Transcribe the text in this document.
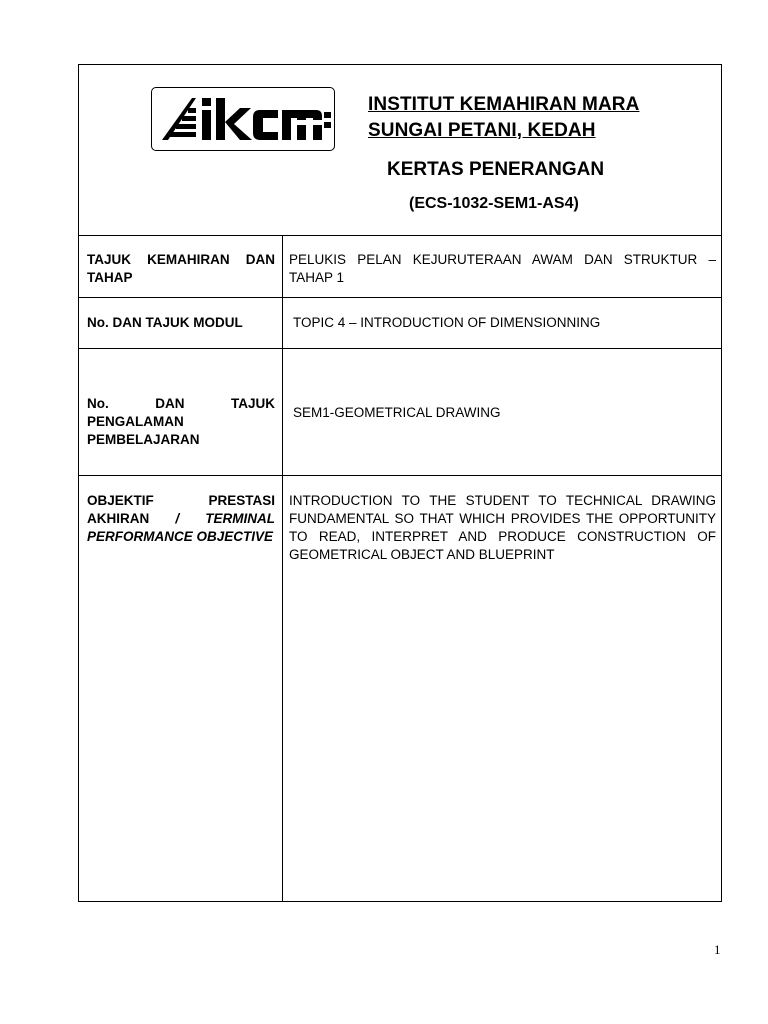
INSTITUT KEMAHIRAN MARA
SUNGAI PETANI, KEDAH
KERTAS PENERANGAN
(ECS-1032-SEM1-AS4)
TAJUK KEMAHIRAN DAN TAHAP
PELUKIS PELAN KEJURUTERAAN AWAM DAN STRUKTUR – TAHAP 1
No. DAN TAJUK MODUL	TOPIC 4 – INTRODUCTION OF DIMENSIONNING
No. DAN TAJUK
PENGALAMAN PEMBELAJARAN
SEM1-GEOMETRICAL DRAWING
OBJEKTIF PRESTASI
AKHIRAN / TERMINAL
PERFORMANCE OBJECTIVE
INTRODUCTION TO THE STUDENT TO TECHNICAL DRAWING FUNDAMENTAL SO THAT WHICH PROVIDES THE OPPORTUNITY TO READ, INTERPRET AND PRODUCE CONSTRUCTION OF GEOMETRICAL OBJECT AND BLUEPRINT
1
